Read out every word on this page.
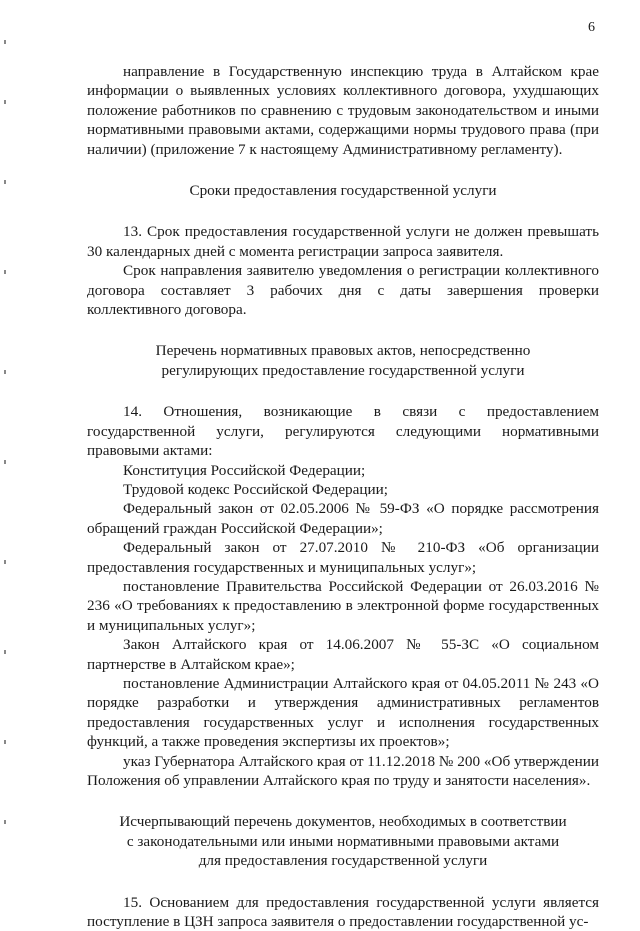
6

направление в Государственную инспекцию труда в Алтайском крае информации о выявленных условиях коллективного договора, ухудшающих положение работников по сравнению с трудовым законодательством и иными нормативными правовыми актами, содержащими нормы трудового права (при наличии) (приложение 7 к настоящему Административному регламенту).

Сроки предоставления государственной услуги

13. Срок предоставления государственной услуги не должен превышать 30 календарных дней с момента регистрации запроса заявителя.

Срок направления заявителю уведомления о регистрации коллективного договора составляет 3 рабочих дня с даты завершения проверки коллективного договора.

Перечень нормативных правовых актов, непосредственно
регулирующих предоставление государственной услуги

14. Отношения, возникающие в связи с предоставлением государственной услуги, регулируются следующими нормативными правовыми актами:

Конституция Российской Федерации;

Трудовой кодекс Российской Федерации;

Федеральный закон от 02.05.2006 № 59-ФЗ «О порядке рассмотрения обращений граждан Российской Федерации»;

Федеральный закон от 27.07.2010 № 210-ФЗ «Об организации предоставления государственных и муниципальных услуг»;

постановление Правительства Российской Федерации от 26.03.2016 № 236 «О требованиях к предоставлению в электронной форме государственных и муниципальных услуг»;

Закон Алтайского края от 14.06.2007 № 55-ЗС «О социальном партнерстве в Алтайском крае»;

постановление Администрации Алтайского края от 04.05.2011 № 243 «О порядке разработки и утверждения административных регламентов предоставления государственных услуг и исполнения государственных функций, а также проведения экспертизы их проектов»;

указ Губернатора Алтайского края от 11.12.2018 № 200 «Об утверждении Положения об управлении Алтайского края по труду и занятости населения».

Исчерпывающий перечень документов, необходимых в соответствии
с законодательными или иными нормативными правовыми актами
для предоставления государственной услуги

15. Основанием для предоставления государственной услуги является поступление в ЦЗН запроса заявителя о предоставлении государственной ус-
